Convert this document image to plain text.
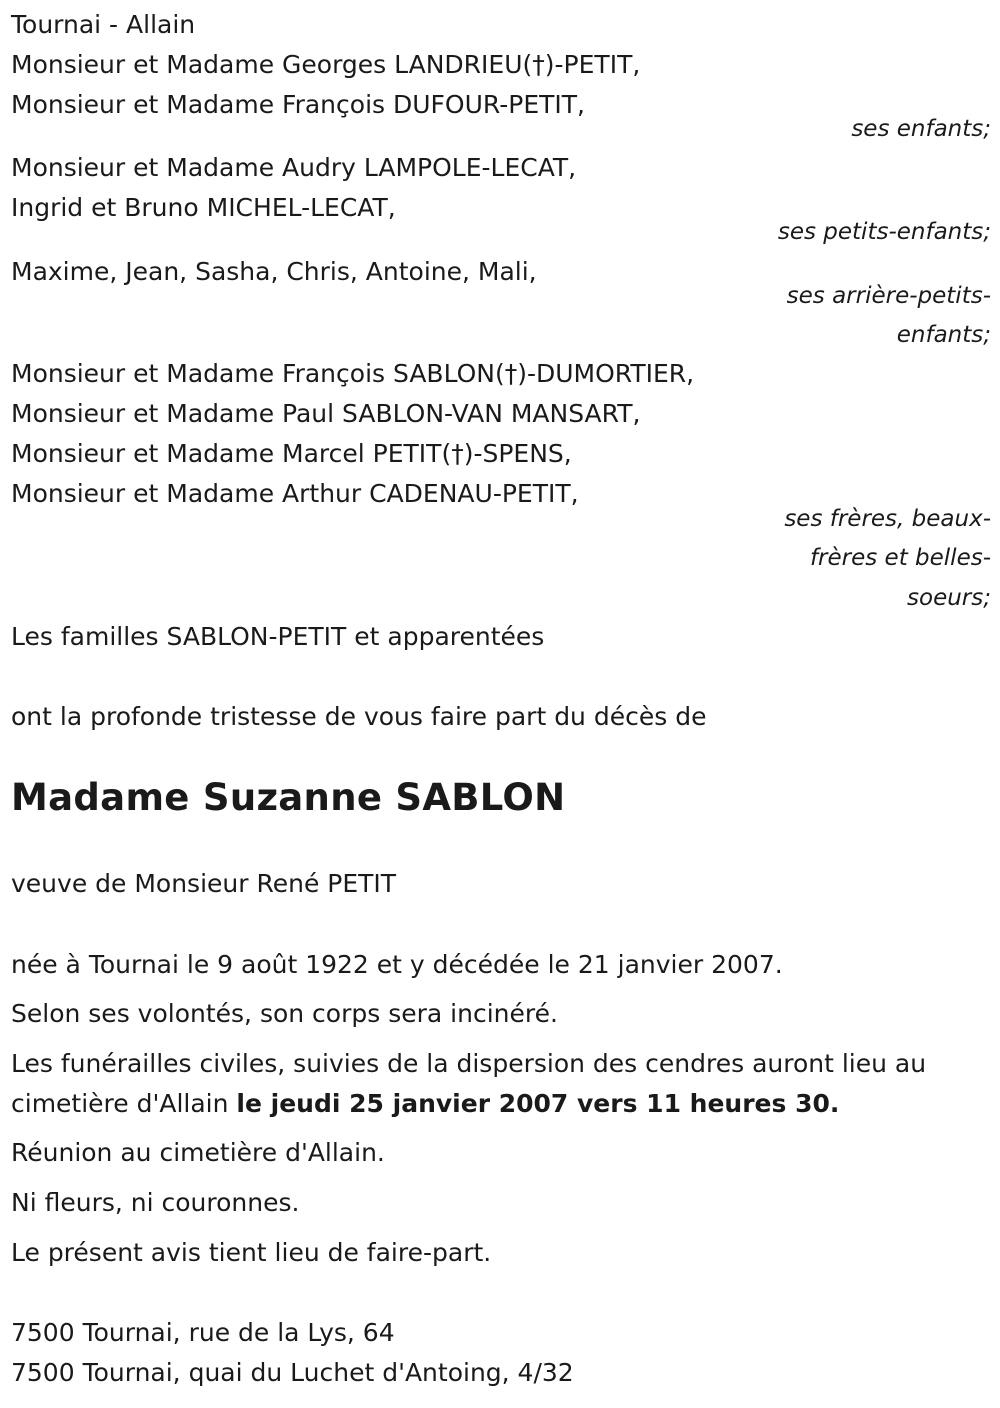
Tournai - Allain
Monsieur et Madame Georges LANDRIEU(†)-PETIT,
Monsieur et Madame François DUFOUR-PETIT,
ses enfants;
Monsieur et Madame Audry LAMPOLE-LECAT,
Ingrid et Bruno MICHEL-LECAT,
ses petits-enfants;
Maxime, Jean, Sasha, Chris, Antoine, Mali,
ses arrière-petits-
enfants;
Monsieur et Madame François SABLON(†)-DUMORTIER,
Monsieur et Madame Paul SABLON-VAN MANSART,
Monsieur et Madame Marcel PETIT(†)-SPENS,
Monsieur et Madame Arthur CADENAU-PETIT,
ses frères, beaux-
frères et belles-
soeurs;
Les familles SABLON-PETIT et apparentées
ont la profonde tristesse de vous faire part du décès de
Madame Suzanne SABLON
veuve de Monsieur René PETIT
née à Tournai le 9 août 1922 et y décédée le 21 janvier 2007.
Selon ses volontés, son corps sera incinéré.
Les funérailles civiles, suivies de la dispersion des cendres auront lieu au
cimetière d'Allain le jeudi 25 janvier 2007 vers 11 heures 30.
Réunion au cimetière d'Allain.
Ni fleurs, ni couronnes.
Le présent avis tient lieu de faire-part.
7500 Tournai, rue de la Lys, 64
7500 Tournai, quai du Luchet d'Antoing, 4/32
